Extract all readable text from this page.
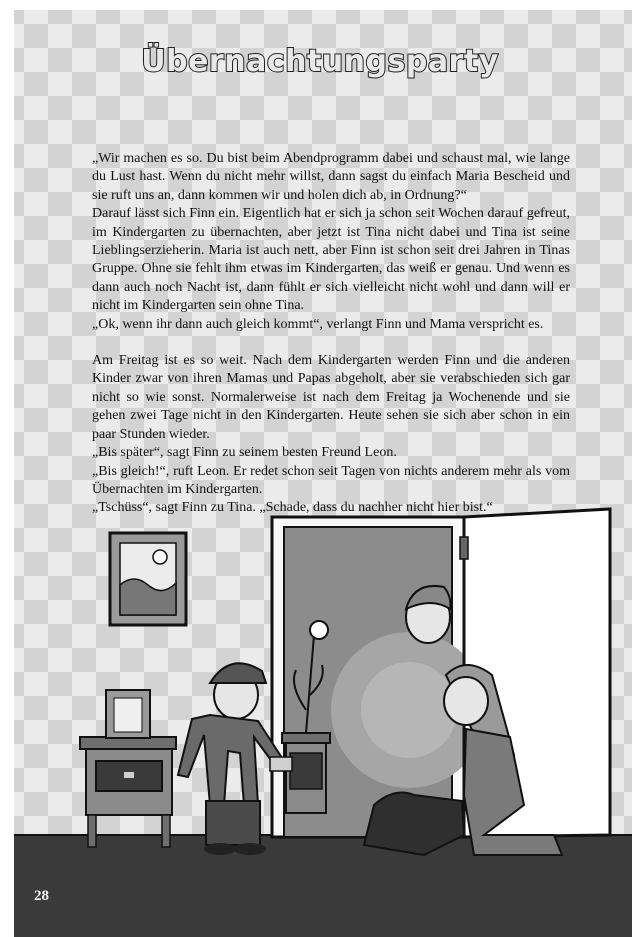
Übernachtungsparty

„Wir machen es so. Du bist beim Abendprogramm dabei und schaust mal, wie lange du Lust hast. Wenn du nicht mehr willst, dann sagst du einfach Maria Bescheid und sie ruft uns an, dann kommen wir und holen dich ab, in Ordnung?“

Darauf lässt sich Finn ein. Eigentlich hat er sich ja schon seit Wochen darauf gefreut, im Kindergarten zu übernachten, aber jetzt ist Tina nicht dabei und Tina ist seine Lieblingserzieherin. Maria ist auch nett, aber Finn ist schon seit drei Jahren in Tinas Gruppe. Ohne sie fehlt ihm etwas im Kindergarten, das weiß er genau. Und wenn es dann auch noch Nacht ist, dann fühlt er sich vielleicht nicht wohl und dann will er nicht im Kindergarten sein ohne Tina.

„Ok, wenn ihr dann auch gleich kommt“, verlangt Finn und Mama verspricht es.

Am Freitag ist es so weit. Nach dem Kindergarten werden Finn und die anderen Kinder zwar von ihren Mamas und Papas abgeholt, aber sie verabschieden sich gar nicht so wie sonst. Normalerweise ist nach dem Freitag ja Wochenende und sie gehen zwei Tage nicht in den Kindergarten. Heute sehen sie sich aber schon in ein paar Stunden wieder.

„Bis später“, sagt Finn zu seinem besten Freund Leon.

„Bis gleich!“, ruft Leon. Er redet schon seit Tagen von nichts anderem mehr als vom Übernachten im Kindergarten.

„Tschüss“, sagt Finn zu Tina. „Schade, dass du nachher nicht hier bist.“

28
